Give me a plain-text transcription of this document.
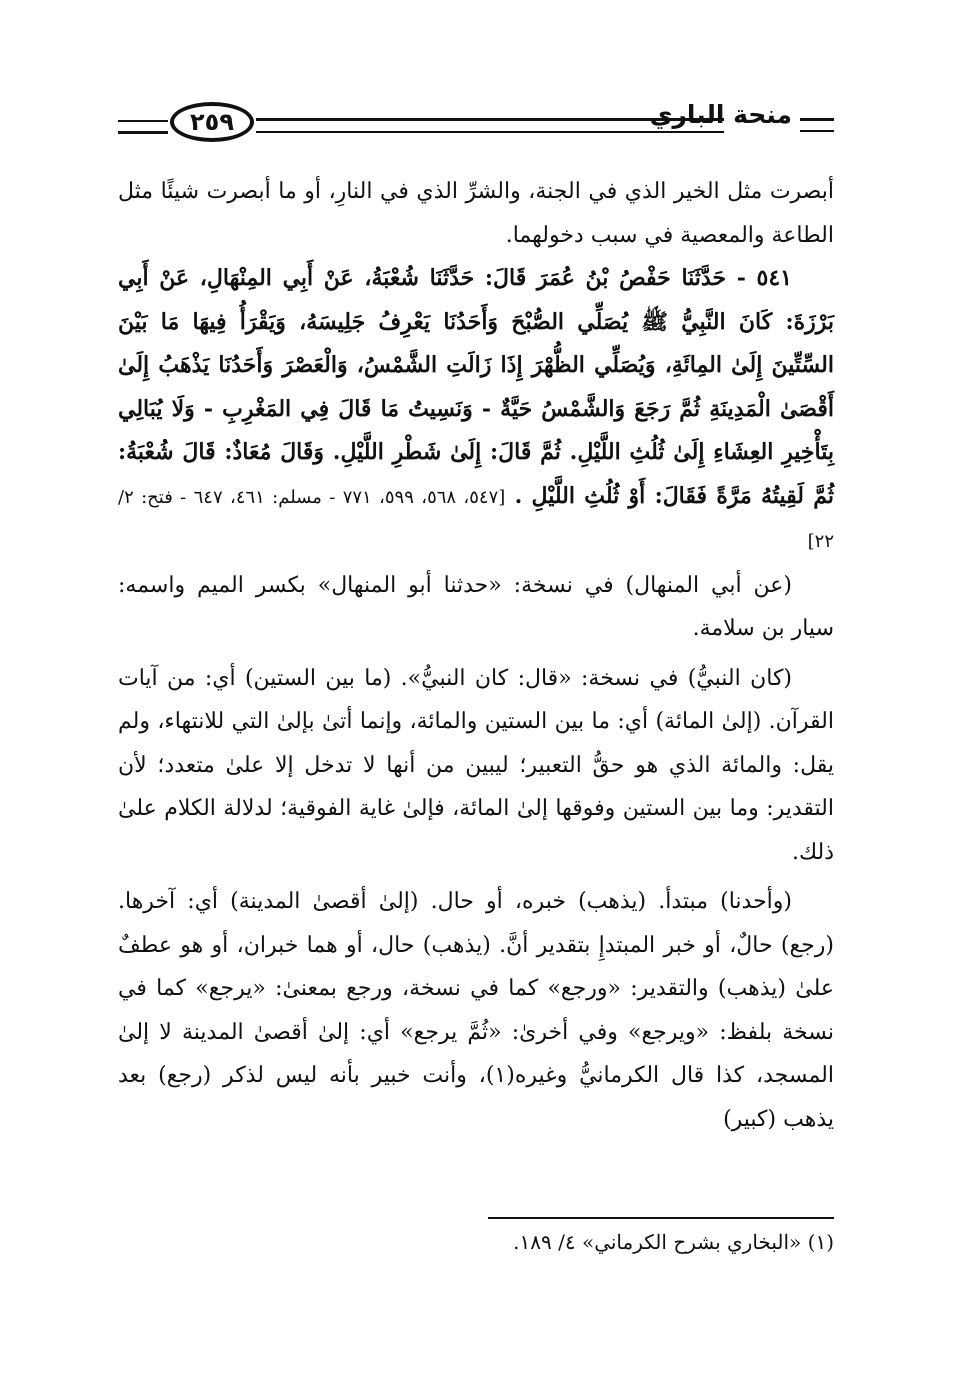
٢٥٩	منحة الباري

أبصرت مثل الخير الذي في الجنة، والشرِّ الذي في النارِ، أو ما أبصرت شيئًا مثل الطاعة والمعصية في سبب دخولهما.

٥٤١ - حَدَّثَنَا حَفْصُ بْنُ عُمَرَ قَالَ: حَدَّثَنَا شُعْبَةُ، عَنْ أَبِي المِنْهَالِ، عَنْ أَبِي بَرْزَةَ: كَانَ النَّبِيُّ ﷺ يُصَلِّي الصُّبْحَ وَأَحَدُنَا يَعْرِفُ جَلِيسَهُ، وَيَقْرَأُ فِيهَا مَا بَيْنَ السِّتِّينَ إِلَىٰ المِائَةِ، وَيُصَلِّي الظُّهْرَ إِذَا زَالَتِ الشَّمْسُ، وَالْعَصْرَ وَأَحَدُنَا يَذْهَبُ إِلَىٰ أَقْصَىٰ الْمَدِينَةِ ثُمَّ رَجَعَ وَالشَّمْسُ حَيَّةٌ - وَنَسِيتُ مَا قَالَ فِي المَغْرِبِ - وَلَا يُبَالِي بِتَأْخِيرِ العِشَاءِ إِلَىٰ ثُلُثِ اللَّيْلِ. ثُمَّ قَالَ: إِلَىٰ شَطْرِ اللَّيْلِ. وَقَالَ مُعَاذٌ: قَالَ شُعْبَةُ: ثُمَّ لَقِيتُهُ مَرَّةً فَقَالَ: أَوْ ثُلُثِ اللَّيْلِ . [٥٤٧، ٥٦٨، ٥٩٩، ٧٧١ - مسلم: ٤٦١، ٦٤٧ - فتح: ٢/ ٢٢]

(عن أبي المنهال) في نسخة: «حدثنا أبو المنهال» بكسر الميم واسمه: سيار بن سلامة.

(كان النبيُّ) في نسخة: «قال: كان النبيُّ». (ما بين الستين) أي: من آيات القرآن. (إلىٰ المائة) أي: ما بين الستين والمائة، وإنما أتىٰ بإلىٰ التي للانتهاء، ولم يقل: والمائة الذي هو حقُّ التعبير؛ ليبين من أنها لا تدخل إلا علىٰ متعدد؛ لأن التقدير: وما بين الستين وفوقها إلىٰ المائة، فإلىٰ غاية الفوقية؛ لدلالة الكلام علىٰ ذلك.

(وأحدنا) مبتدأ. (يذهب) خبره، أو حال. (إلىٰ أقصىٰ المدينة) أي: آخرها. (رجع) حالٌ، أو خبر المبتدإِ بتقدير أنَّ. (يذهب) حال، أو هما خبران، أو هو عطفٌ علىٰ (يذهب) والتقدير: «ورجع» كما في نسخة، ورجع بمعنىٰ: «يرجع» كما في نسخة بلفظ: «ويرجع» وفي أخرىٰ: «ثُمَّ يرجع» أي: إلىٰ أقصىٰ المدينة لا إلىٰ المسجد، كذا قال الكرمانيُّ وغيره(١)، وأنت خبير بأنه ليس لذكر (رجع) بعد يذهب (كبير)

(١) «البخاري بشرح الكرماني» ٤/ ١٨٩.
